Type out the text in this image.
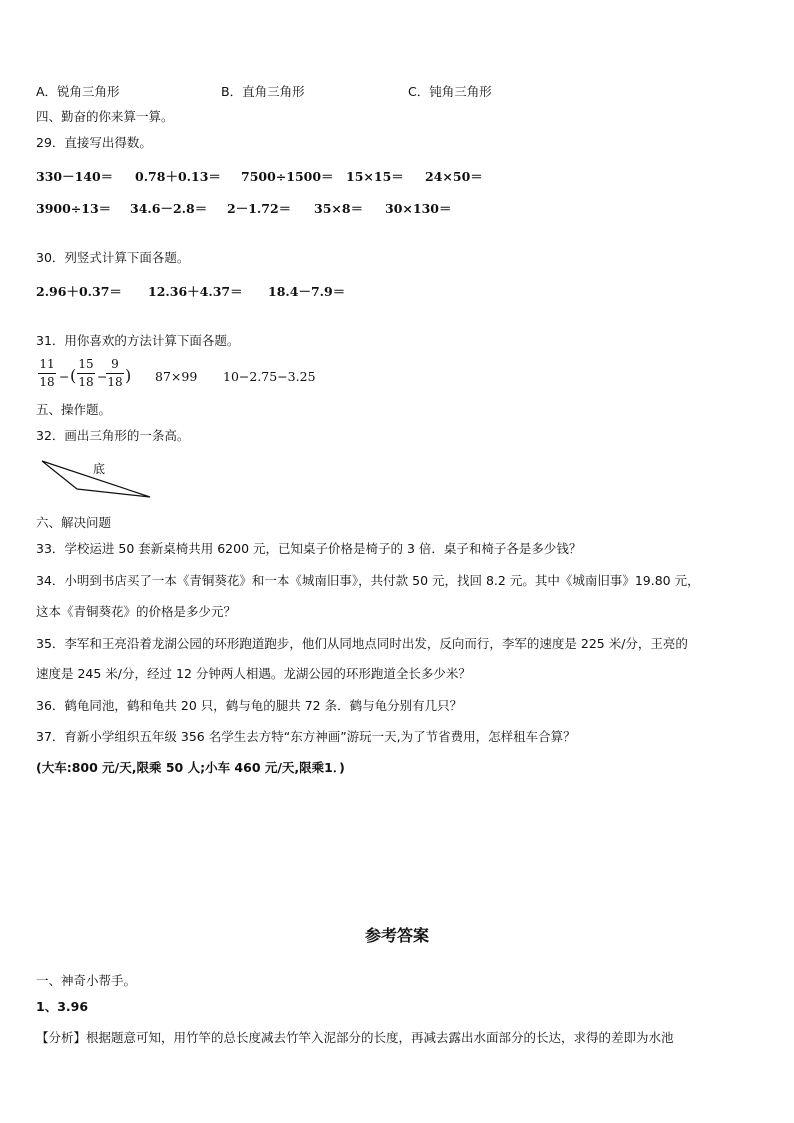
A．锐角三角形	B．直角三角形	C．钝角三角形
四、勤奋的你来算一算。
29．直接写出得数。
330－140＝ 0.78＋0.13＝ 7500÷1500＝ 15×15＝ 24×50＝
3900÷13＝ 34.6－2.8＝ 2－1.72＝ 35×8＝ 30×130＝
30．列竖式计算下面各题。
2.96＋0.37＝ 12.36＋4.37＝ 18.4－7.9＝
31．用你喜欢的方法计算下面各题。
11
18 − (
15
18 −
9
18 ) 87×99 10−2.75−3.25
五、操作题。
32．画出三角形的一条高。
底
六、解决问题
33．学校运进 50 套新桌椅共用 6200 元，已知桌子价格是椅子的 3 倍．桌子和椅子各是多少钱？
34．小明到书店买了一本《青铜葵花》和一本《城南旧事》，共付款 50 元，找回 8.2 元。其中《城南旧事》19.80 元，
这本《青铜葵花》的价格是多少元？
35．李军和王亮沿着龙湖公园的环形跑道跑步，他们从同地点同时出发，反向而行，李军的速度是 225 米/分，王亮的
速度是 245 米/分，经过 12 分钟两人相遇。龙湖公园的环形跑道全长多少米？
36．鹤龟同池，鹤和龟共 20 只，鹤与龟的腿共 72 条．鹤与龟分别有几只？
37．育新小学组织五年级 356 名学生去方特“东方神画”游玩一天,为了节省费用，怎样租车合算？
(大车:800 元/天,限乘 50 人;小车 460 元/天,限乘1．)
参考答案
一、神奇小帮手。
1、3.96
【分析】根据题意可知，用竹竿的总长度减去竹竿入泥部分的长度，再减去露出水面部分的长达，求得的差即为水池
